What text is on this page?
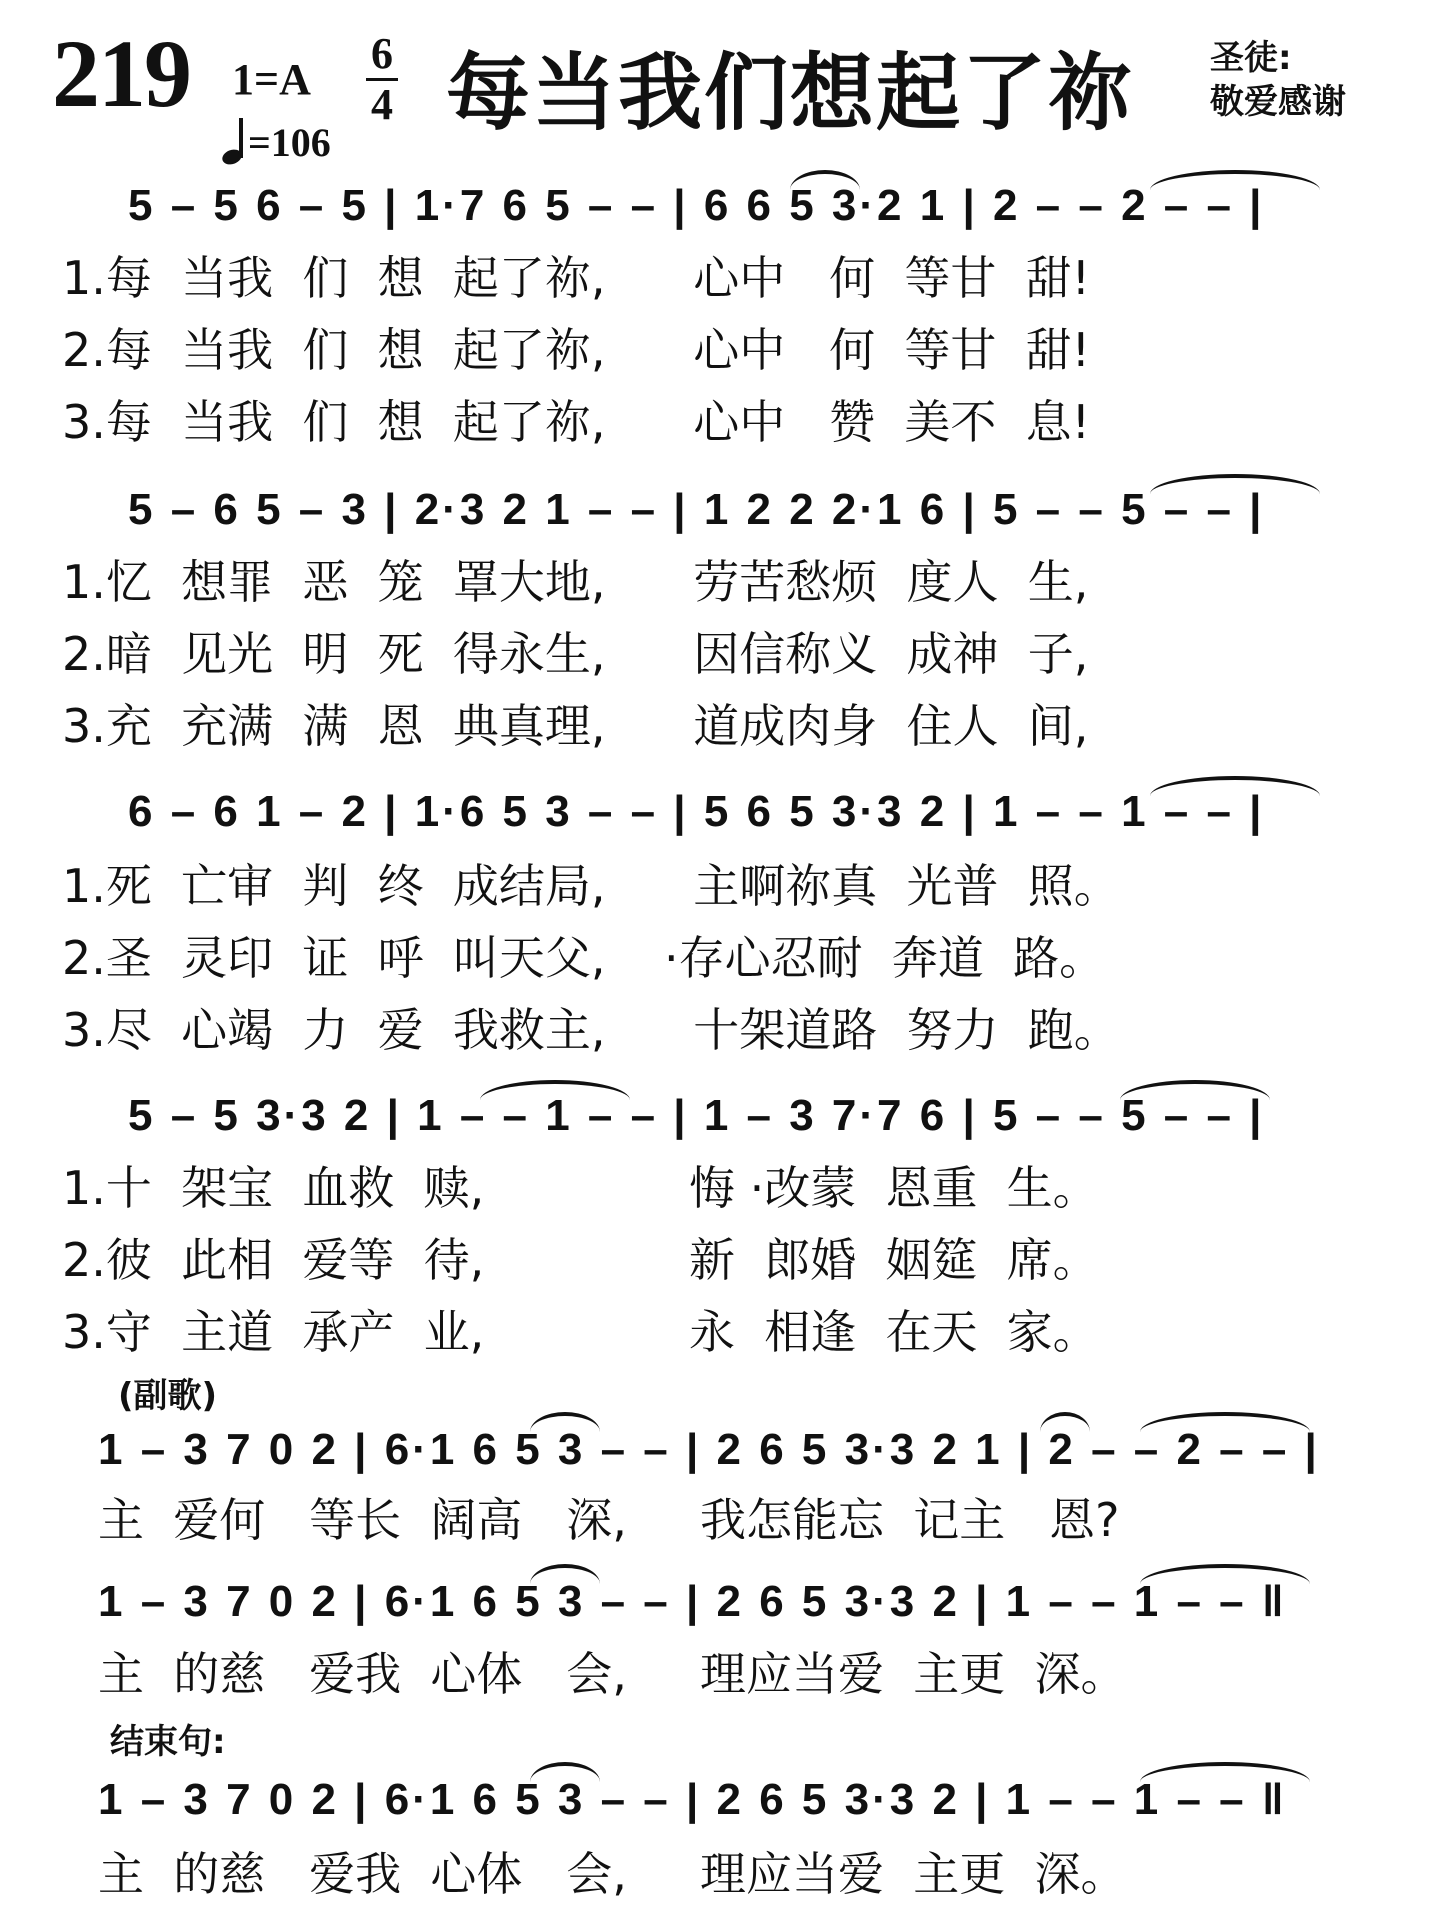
219 1=A
6
4
=106
每当我们想起了祢 圣徒:
敬爱感谢
5 – 5 6 – 5 | 1·7 6 5 – – | 6 6 5 3·2 1 | 2 – – 2 – – |
1.每  当我  们  想  起了祢,      心中   何  等甘  甜!
2.每  当我  们  想  起了祢,      心中   何  等甘  甜!
3.每  当我  们  想  起了祢,      心中   赞  美不  息!
5 – 6 5 – 3 | 2·3 2 1 – – | 1 2 2 2·1 6 | 5 – – 5 – – |
1.忆  想罪  恶  笼  罩大地,      劳苦愁烦  度人  生,
2.暗  见光  明  死  得永生,      因信称义  成神  子,
3.充  充满  满  恩  典真理,      道成肉身  住人  间,
6 – 6 1 – 2 | 1·6 5 3 – – | 5 6 5 3·3 2 | 1 – – 1 – – |
1.死  亡审  判  终  成结局,      主啊祢真  光普  照。
2.圣  灵印  证  呼  叫天父,    ·存心忍耐  奔道  路。
3.尽  心竭  力  爱  我救主,      十架道路  努力  跑。
5 – 5 3·3 2 | 1 – – 1 – – | 1 – 3 7·7 6 | 5 – – 5 – – |
1.十  架宝  血救  赎,              悔 ·改蒙  恩重  生。
2.彼  此相  爱等  待,              新  郎婚  姻筵  席。
3.守  主道  承产  业,              永  相逢  在天  家。
(副歌)
1 – 3 7 0 2 | 6·1 6 5 3 – – | 2 6 5 3·3 2 1 | 2 – – 2 – – |
主  爱何   等长  阔高   深,     我怎能忘  记主   恩?
1 – 3 7 0 2 | 6·1 6 5 3 – – | 2 6 5 3·3 2 | 1 – – 1 – – ‖
主  的慈   爱我  心体   会,     理应当爱  主更  深。
结束句:
1 – 3 7 0 2 | 6·1 6 5 3 – – | 2 6 5 3·3 2 | 1 – – 1 – – ‖
主  的慈   爱我  心体   会,     理应当爱  主更  深。
